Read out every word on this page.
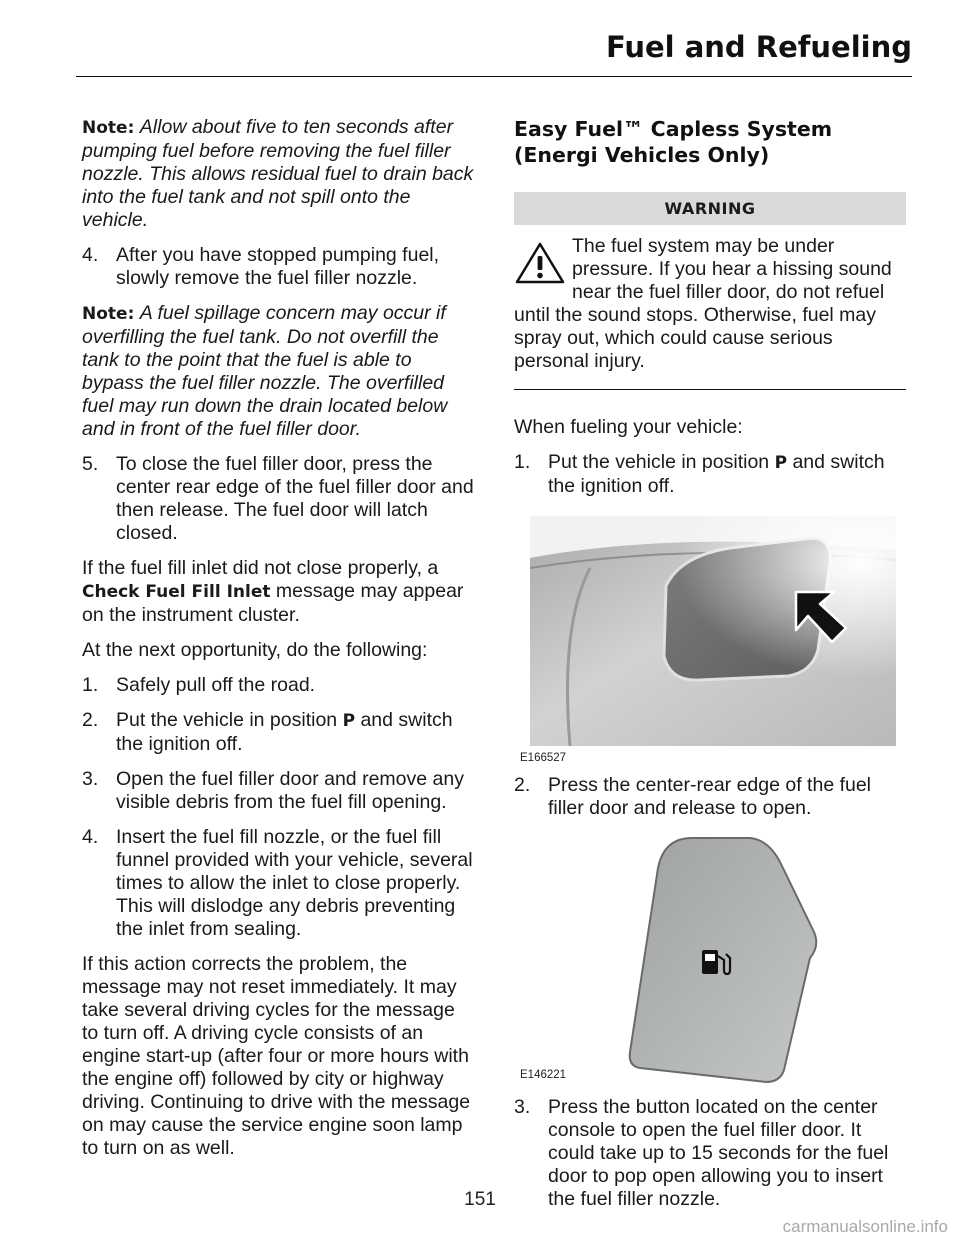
Fuel and Refueling

Note: Allow about five to ten seconds after pumping fuel before removing the fuel filler nozzle. This allows residual fuel to drain back into the fuel tank and not spill onto the vehicle.

4. After you have stopped pumping fuel, slowly remove the fuel filler nozzle.

Note: A fuel spillage concern may occur if overfilling the fuel tank. Do not overfill the tank to the point that the fuel is able to bypass the fuel filler nozzle. The overfilled fuel may run down the drain located below and in front of the fuel filler door.

5. To close the fuel filler door, press the center rear edge of the fuel filler door and then release. The fuel door will latch closed.

If the fuel fill inlet did not close properly, a Check Fuel Fill Inlet message may appear on the instrument cluster.

At the next opportunity, do the following:

1. Safely pull off the road.
2. Put the vehicle in position P and switch the ignition off.
3. Open the fuel filler door and remove any visible debris from the fuel fill opening.
4. Insert the fuel fill nozzle, or the fuel fill funnel provided with your vehicle, several times to allow the inlet to close properly. This will dislodge any debris preventing the inlet from sealing.

If this action corrects the problem, the message may not reset immediately. It may take several driving cycles for the message to turn off. A driving cycle consists of an engine start-up (after four or more hours with the engine off) followed by city or highway driving. Continuing to drive with the message on may cause the service engine soon lamp to turn on as well.

Easy Fuel™ Capless System (Energi Vehicles Only)
WARNING
The fuel system may be under pressure. If you hear a hissing sound near the fuel filler door, do not refuel until the sound stops. Otherwise, fuel may spray out, which could cause serious personal injury.

When fueling your vehicle:

1. Put the vehicle in position P and switch the ignition off.
E166527
2. Press the center-rear edge of the fuel filler door and release to open.
E146221
3. Press the button located on the center console to open the fuel filler door. It could take up to 15 seconds for the fuel door to pop open allowing you to insert the fuel filler nozzle.
151
carmanualsonline.info
